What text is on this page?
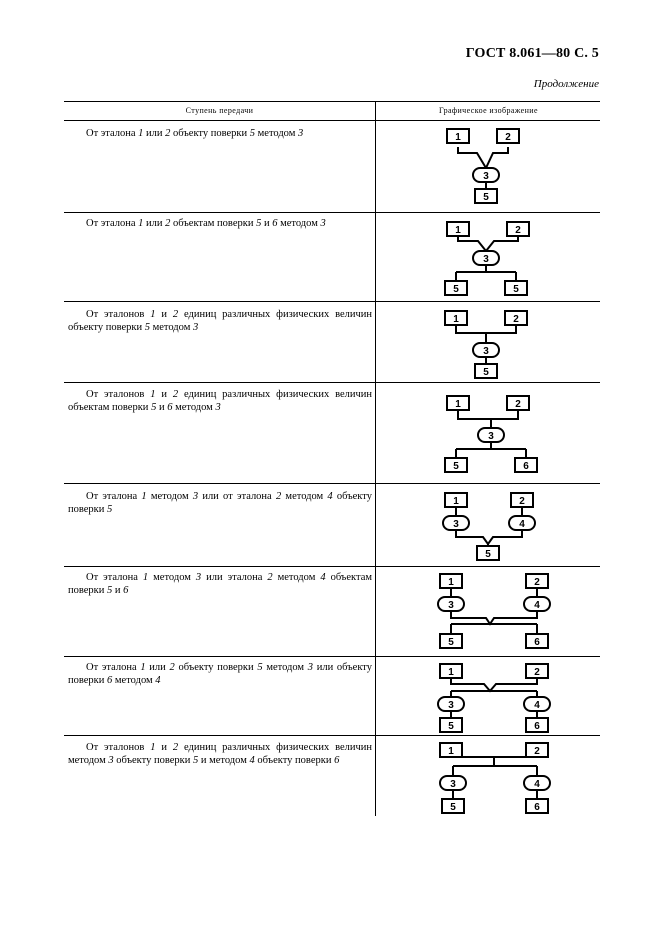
ГОСТ 8.061—80 С. 5
Продолжение
Ступень передачи	Графическое изображение
От эталона 1 или 2 объекту поверки 5 методом 3	1	2
3
5
От эталона 1 или 2 объектам поверки 5 и 6 методом 3
1	2
3
5	5
От эталонов 1 и 2 единиц различных физических величин объекту поверки 5 методом 3
1	2
3
5
От эталонов 1 и 2 единиц различных физических величин объектам поверки 5 и 6 методом 3	1	2
3
5	6
От эталона 1 методом 3 или от эталона 2 методом 4 объекту поверки 5
1	2
3	4
5
От эталона 1 методом 3 или эталона 2 методом 4 объектам поверки 5 и 6
1	2
3	4
5	6
От эталона 1 или 2 объекту поверки 5 методом 3 или объекту поверки 6 методом 4
1	2
3	4
5	6
От эталонов 1 и 2 единиц различных физических величин методом 3 объекту поверки 5 и методом 4 объекту поверки 6
1	2
3	4
5	6
